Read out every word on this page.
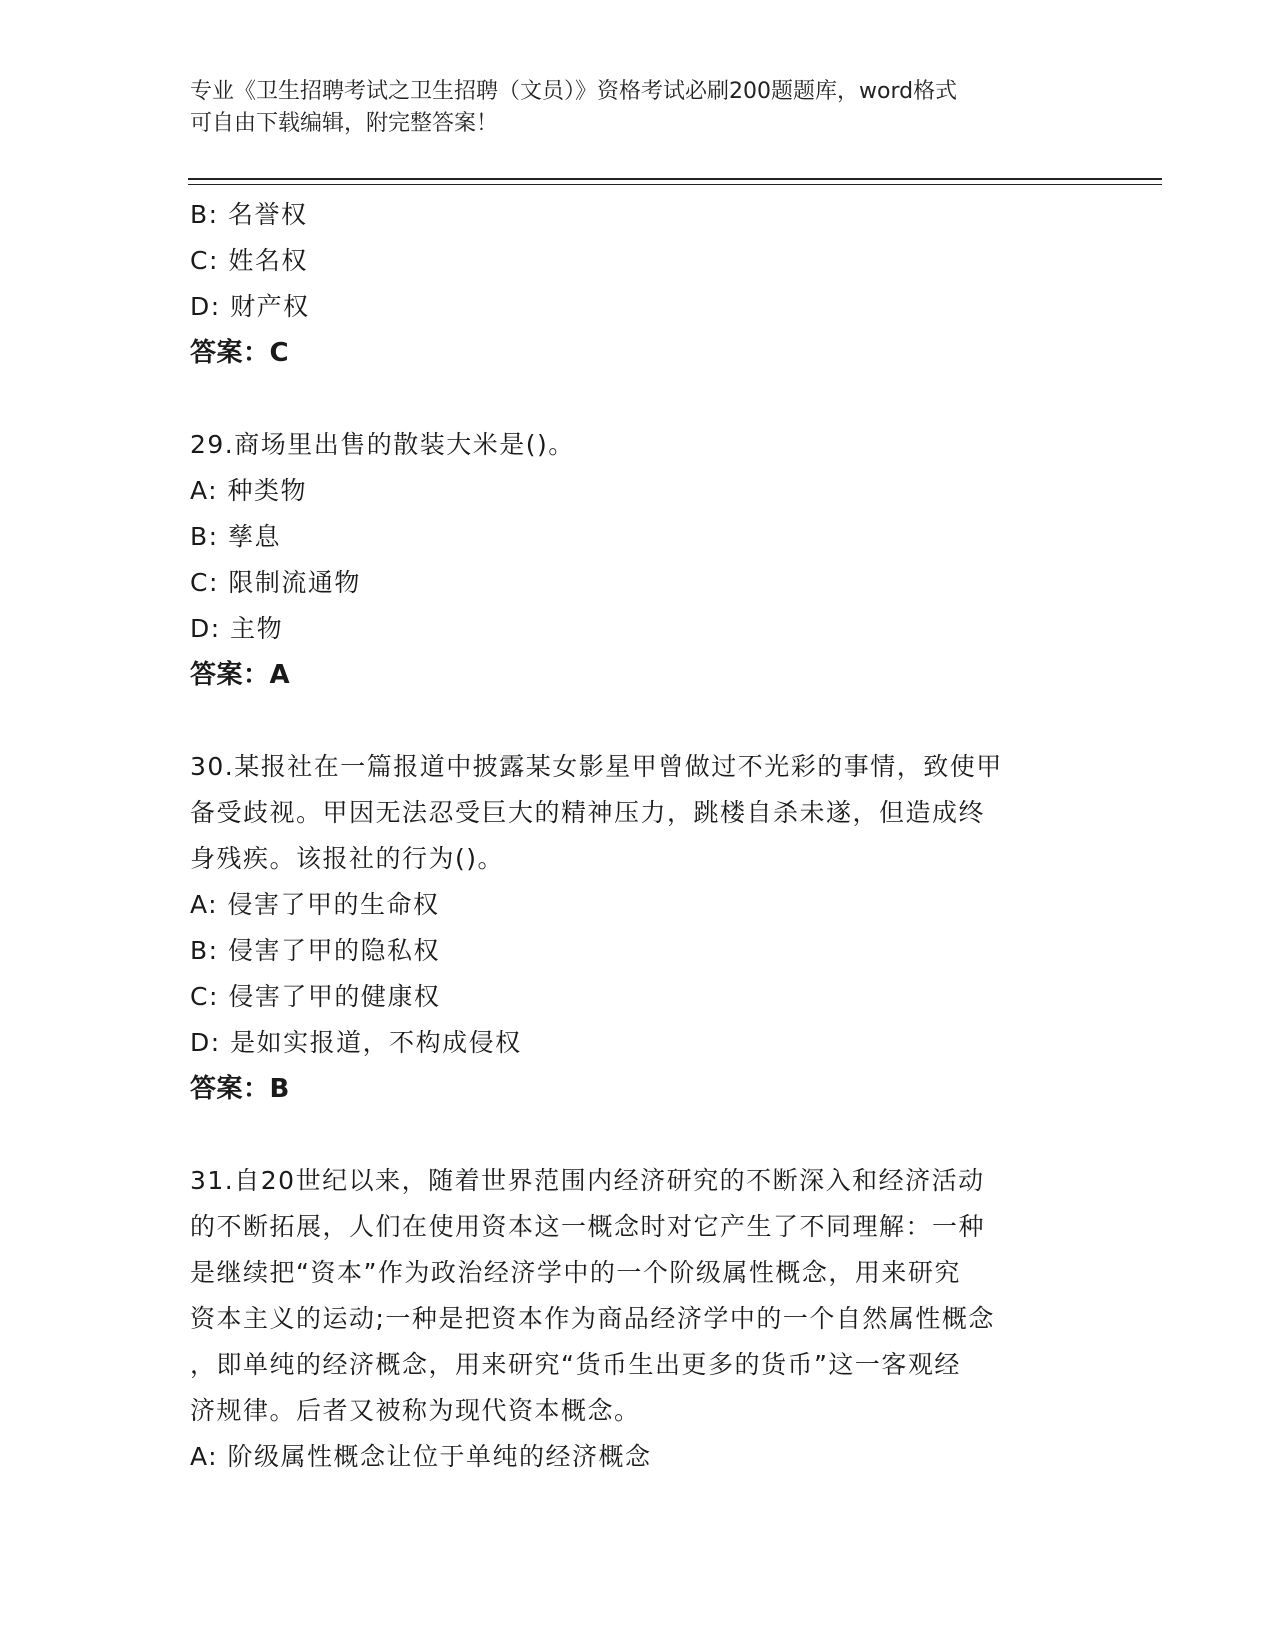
专业《卫生招聘考试之卫生招聘（文员）》资格考试必刷200题题库，word格式
可自由下载编辑，附完整答案！
B: 名誉权
C: 姓名权
D: 财产权
答案：C
29.商场里出售的散装大米是()。
A: 种类物
B: 孳息
C: 限制流通物
D: 主物
答案：A
30.某报社在一篇报道中披露某女影星甲曾做过不光彩的事情，致使甲
备受歧视。甲因无法忍受巨大的精神压力，跳楼自杀未遂，但造成终
身残疾。该报社的行为()。
A: 侵害了甲的生命权
B: 侵害了甲的隐私权
C: 侵害了甲的健康权
D: 是如实报道，不构成侵权
答案：B
31.自20世纪以来，随着世界范围内经济研究的不断深入和经济活动
的不断拓展，人们在使用资本这一概念时对它产生了不同理解：一种
是继续把“资本”作为政治经济学中的一个阶级属性概念，用来研究
资本主义的运动;一种是把资本作为商品经济学中的一个自然属性概念
，即单纯的经济概念，用来研究“货币生出更多的货币”这一客观经
济规律。后者又被称为现代资本概念。
A: 阶级属性概念让位于单纯的经济概念
